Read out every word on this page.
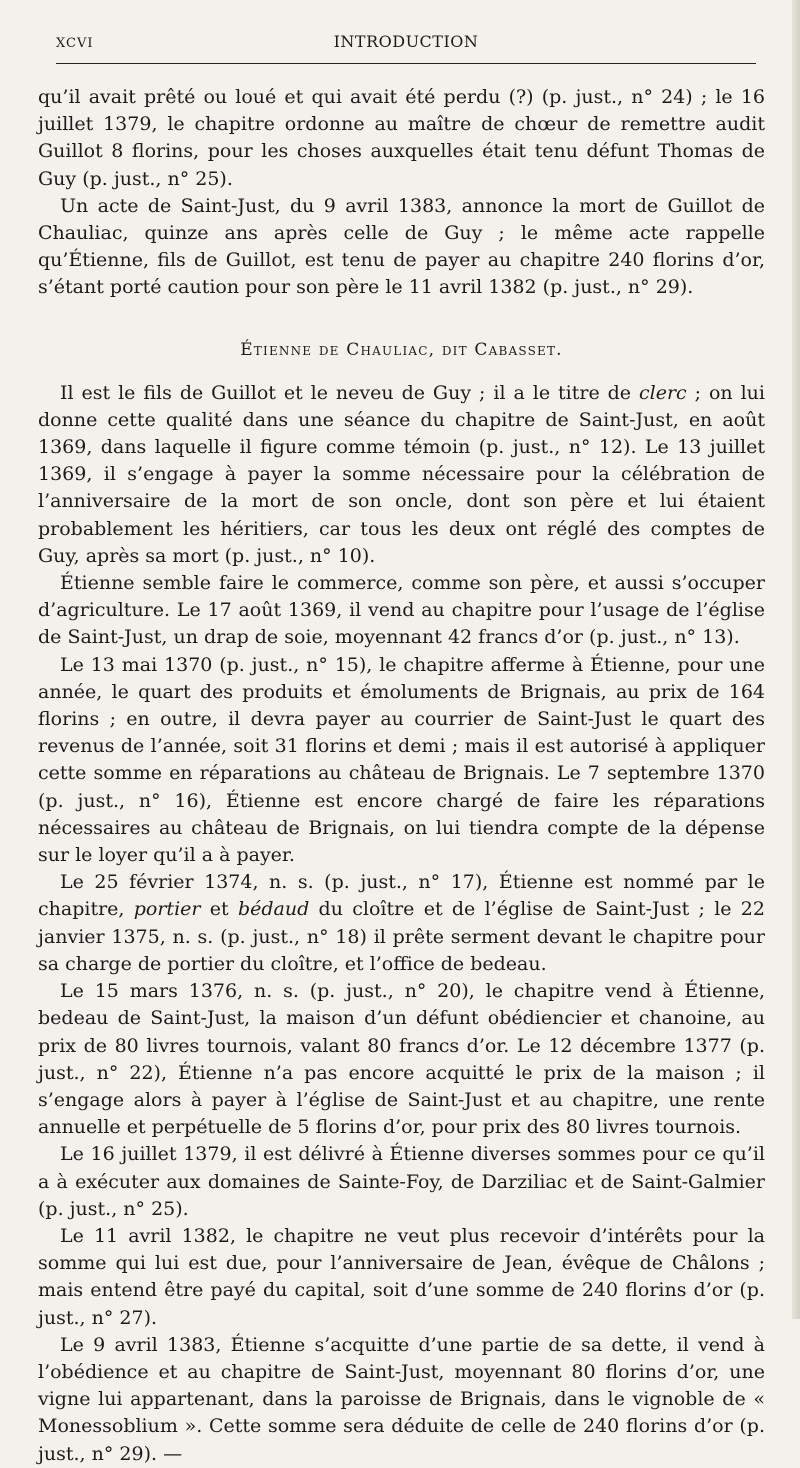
XCVI	INTRODUCTION

qu’il avait prêté ou loué et qui avait été perdu (?) (p. just., n° 24) ; le 16 juillet 1379, le chapitre ordonne au maître de chœur de remettre audit Guillot 8 florins, pour les choses auxquelles était tenu défunt Thomas de Guy (p. just., n° 25).

Un acte de Saint-Just, du 9 avril 1383, annonce la mort de Guillot de Chauliac, quinze ans après celle de Guy ; le même acte rappelle qu’Étienne, fils de Guillot, est tenu de payer au chapitre 240 florins d’or, s’étant porté caution pour son père le 11 avril 1382 (p. just., n° 29).

Étienne de Chauliac, dit Cabasset.

Il est le fils de Guillot et le neveu de Guy ; il a le titre de clerc ; on lui donne cette qualité dans une séance du chapitre de Saint-Just, en août 1369, dans laquelle il figure comme témoin (p. just., n° 12). Le 13 juillet 1369, il s’engage à payer la somme nécessaire pour la célébration de l’anniversaire de la mort de son oncle, dont son père et lui étaient probablement les héritiers, car tous les deux ont réglé des comptes de Guy, après sa mort (p. just., n° 10).

Étienne semble faire le commerce, comme son père, et aussi s’occuper d’agriculture. Le 17 août 1369, il vend au chapitre pour l’usage de l’église de Saint-Just, un drap de soie, moyennant 42 francs d’or (p. just., n° 13).

Le 13 mai 1370 (p. just., n° 15), le chapitre afferme à Étienne, pour une année, le quart des produits et émoluments de Brignais, au prix de 164 florins ; en outre, il devra payer au courrier de Saint-Just le quart des revenus de l’année, soit 31 florins et demi ; mais il est autorisé à appliquer cette somme en réparations au château de Brignais. Le 7 septembre 1370 (p. just., n° 16), Étienne est encore chargé de faire les réparations nécessaires au château de Brignais, on lui tiendra compte de la dépense sur le loyer qu’il a à payer.

Le 25 février 1374, n. s. (p. just., n° 17), Étienne est nommé par le chapitre, portier et bédaud du cloître et de l’église de Saint-Just ; le 22 janvier 1375, n. s. (p. just., n° 18) il prête serment devant le chapitre pour sa charge de portier du cloître, et l’office de bedeau.

Le 15 mars 1376, n. s. (p. just., n° 20), le chapitre vend à Étienne, bedeau de Saint-Just, la maison d’un défunt obédiencier et chanoine, au prix de 80 livres tournois, valant 80 francs d’or. Le 12 décembre 1377 (p. just., n° 22), Étienne n’a pas encore acquitté le prix de la maison ; il s’engage alors à payer à l’église de Saint-Just et au chapitre, une rente annuelle et perpétuelle de 5 florins d’or, pour prix des 80 livres tournois.

Le 16 juillet 1379, il est délivré à Étienne diverses sommes pour ce qu’il a à exécuter aux domaines de Sainte-Foy, de Darziliac et de Saint-Galmier (p. just., n° 25).

Le 11 avril 1382, le chapitre ne veut plus recevoir d’intérêts pour la somme qui lui est due, pour l’anniversaire de Jean, évêque de Châlons ; mais entend être payé du capital, soit d’une somme de 240 florins d’or (p. just., n° 27).

Le 9 avril 1383, Étienne s’acquitte d’une partie de sa dette, il vend à l’obédience et au chapitre de Saint-Just, moyennant 80 florins d’or, une vigne lui appartenant, dans la paroisse de Brignais, dans le vignoble de « Monessoblium ». Cette somme sera déduite de celle de 240 florins d’or (p. just., n° 29). —
